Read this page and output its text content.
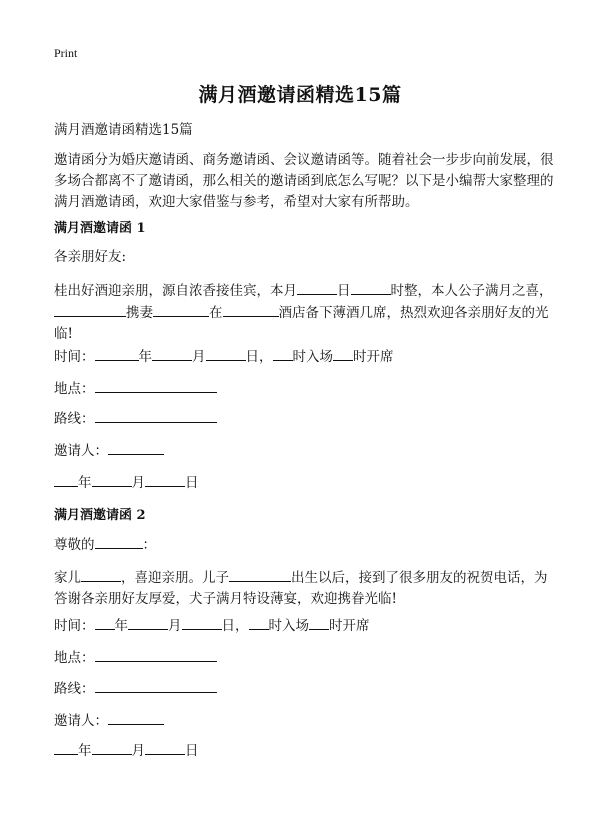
Print
满月酒邀请函精选15篇
满月酒邀请函精选15篇
邀请函分为婚庆邀请函、商务邀请函、会议邀请函等。随着社会一步步向前发展，很多场合都离不了邀请函，那么相关的邀请函到底怎么写呢？以下是小编帮大家整理的满月酒邀请函，欢迎大家借鉴与参考，希望对大家有所帮助。
满月酒邀请函 1
各亲朋好友:
桂出好酒迎亲朋，源自浓香接佳宾，本月	日	时整，本人公子满月之喜，携妻	在	酒店备下薄酒几席，热烈欢迎各亲朋好友的光临!
时间：	年	月	日， 时入场 时开席
地点：
路线：
邀请人：
年	月	日
满月酒邀请函 2
尊敬的	：
家儿	，喜迎亲朋。儿子	出生以后，接到了很多朋友的祝贺电话，为答谢各亲朋好友厚爱，犬子满月特设薄宴，欢迎携眷光临!
时间： 年	月	日， 时入场 时开席
地点：
路线：
邀请人：
年	月	日
